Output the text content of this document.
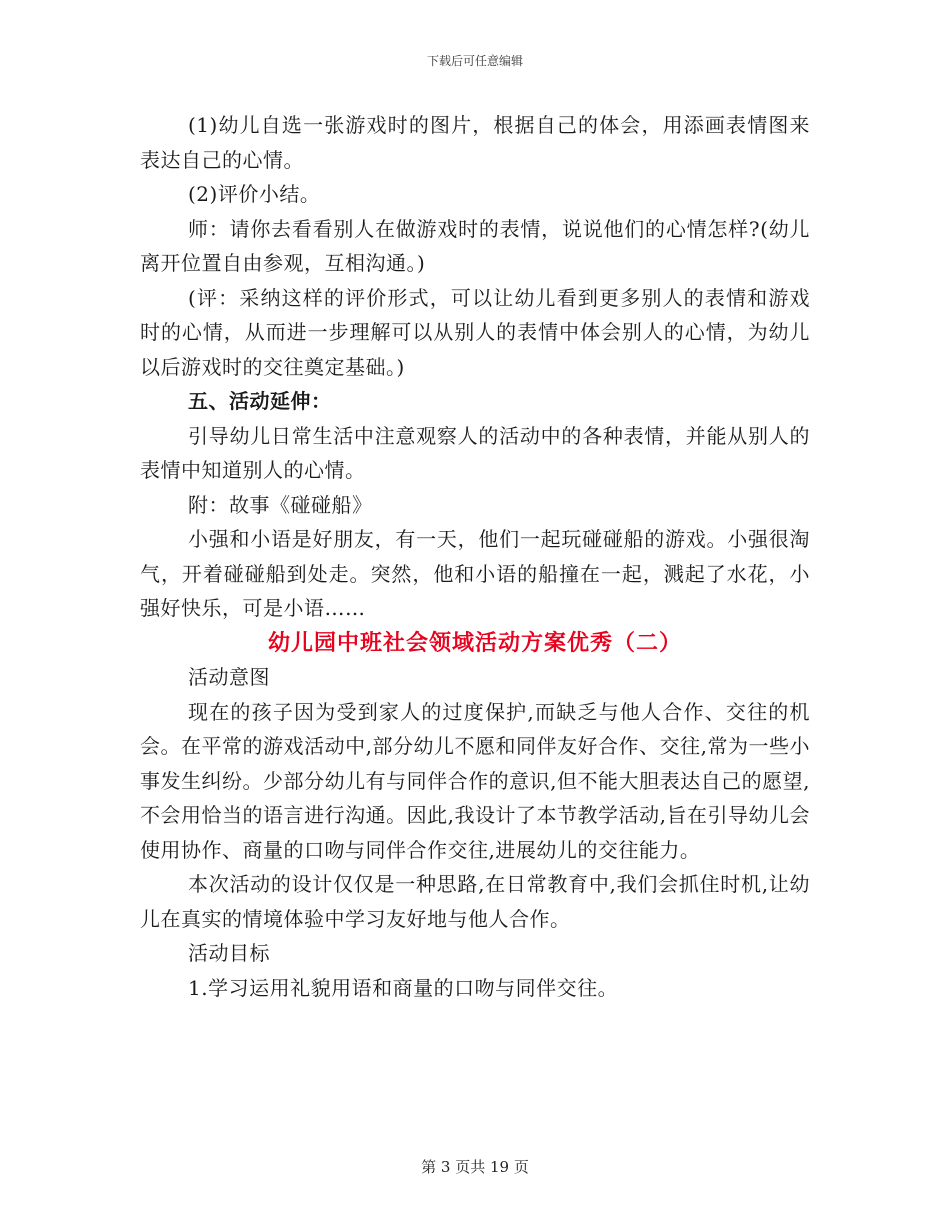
下载后可任意编辑

(1)幼儿自选一张游戏时的图片，根据自己的体会，用添画表情图来表达自己的心情。

(2)评价小结。

师：请你去看看别人在做游戏时的表情，说说他们的心情怎样?(幼儿离开位置自由参观，互相沟通。)

(评：采纳这样的评价形式，可以让幼儿看到更多别人的表情和游戏时的心情，从而进一步理解可以从别人的表情中体会别人的心情，为幼儿以后游戏时的交往奠定基础。)

五、活动延伸：

引导幼儿日常生活中注意观察人的活动中的各种表情，并能从别人的表情中知道别人的心情。

附：故事《碰碰船》

小强和小语是好朋友，有一天，他们一起玩碰碰船的游戏。小强很淘气，开着碰碰船到处走。突然，他和小语的船撞在一起，溅起了水花，小强好快乐，可是小语……

幼儿园中班社会领域活动方案优秀（二）

活动意图

现在的孩子因为受到家人的过度保护,而缺乏与他人合作、交往的机会。在平常的游戏活动中,部分幼儿不愿和同伴友好合作、交往,常为一些小事发生纠纷。少部分幼儿有与同伴合作的意识,但不能大胆表达自己的愿望,不会用恰当的语言进行沟通。因此,我设计了本节教学活动,旨在引导幼儿会使用协作、商量的口吻与同伴合作交往,进展幼儿的交往能力。

本次活动的设计仅仅是一种思路,在日常教育中,我们会抓住时机,让幼儿在真实的情境体验中学习友好地与他人合作。

活动目标

1.学习运用礼貌用语和商量的口吻与同伴交往。

第 3 页共 19 页
